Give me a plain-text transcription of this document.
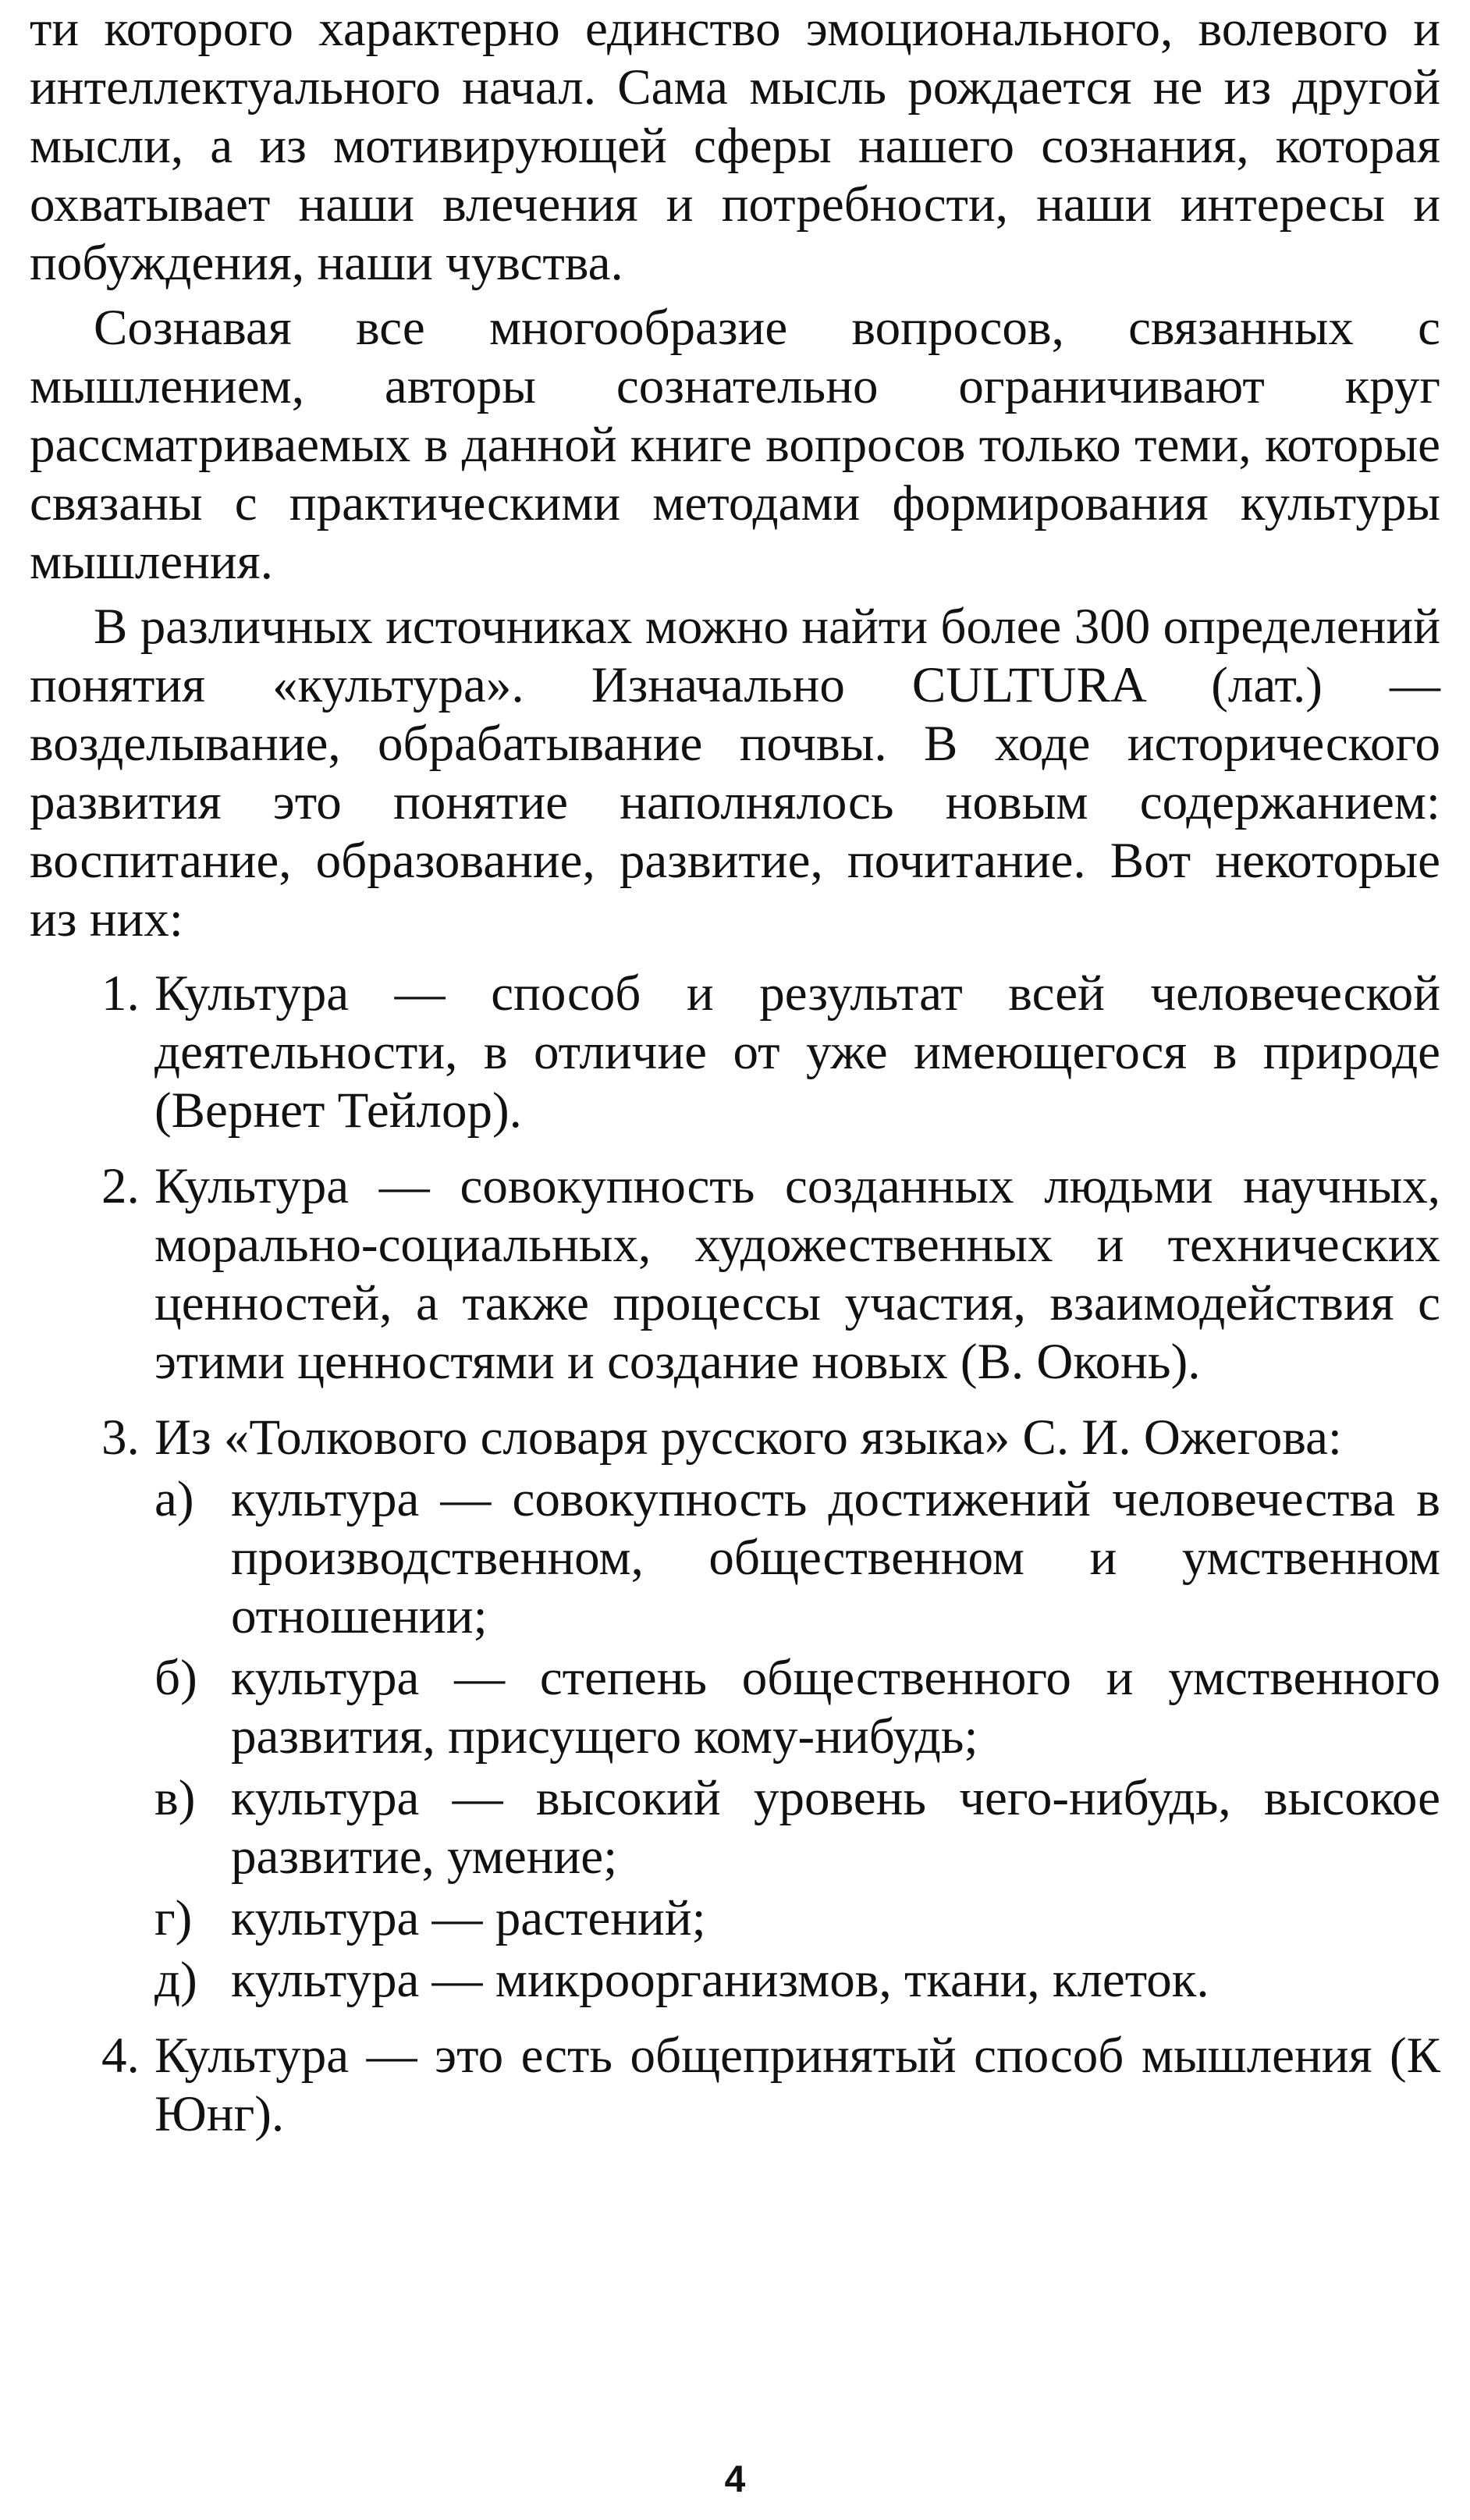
ти которого характерно единство эмоционального, волевого и интеллектуального начал. Сама мысль рождается не из другой мысли, а из мотивирующей сферы нашего сознания, которая охватывает наши влечения и потребности, наши интересы и побуждения, наши чувства.

Сознавая все многообразие вопросов, связанных с мышлением, авторы сознательно ограничивают круг рассматриваемых в данной книге вопросов только теми, которые связаны с практическими методами формирования культуры мышления.

В различных источниках можно найти более 300 определений понятия «культура». Изначально CULTURA (лат.) — возделывание, обрабатывание почвы. В ходе исторического развития это понятие наполнялось новым содержанием: воспитание, образование, развитие, почитание. Вот некоторые из них:

1. Культура — способ и результат всей человеческой деятельности, в отличие от уже имеющегося в природе (Вернет Тейлор).
2. Культура — совокупность созданных людьми научных, морально-социальных, художественных и технических ценностей, а также процессы участия, взаимодействия с этими ценностями и создание новых (В. Оконь).
3. Из «Толкового словаря русского языка» С. И. Ожегова:
а) культура — совокупность достижений человечества в производственном, общественном и умственном отношении;
б) культура — степень общественного и умственного развития, присущего кому-нибудь;
в) культура — высокий уровень чего-нибудь, высокое развитие, умение;
г) культура — растений;
д) культура — микроорганизмов, ткани, клеток.
4. Культура — это есть общепринятый способ мышления (К Юнг).
4
